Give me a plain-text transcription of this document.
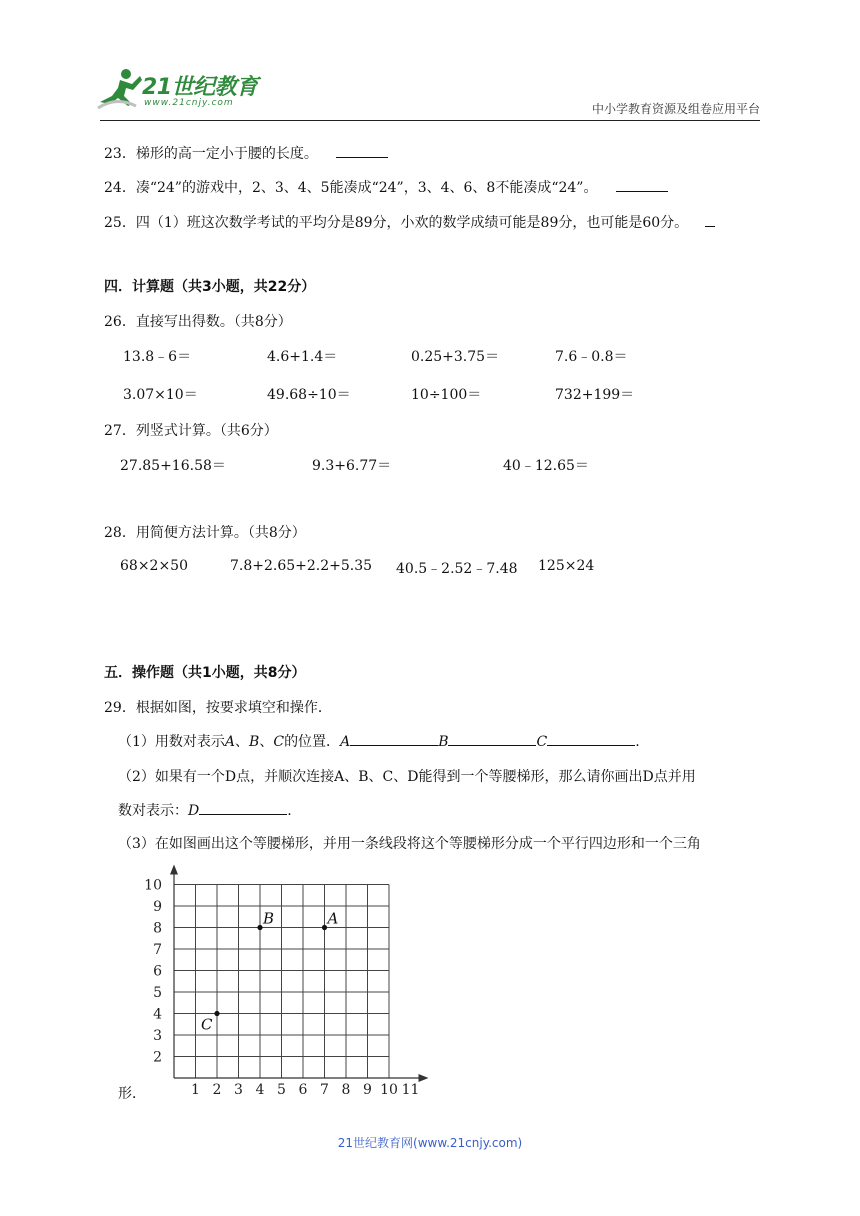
21世纪教育
www.21cnjy.com	中小学教育资源及组卷应用平台
23．梯形的高一定小于腰的长度。
24．凑“24”的游戏中，2、3、4、5能凑成“24”，3、4、6、8不能凑成“24”。
25．四（1）班这次数学考试的平均分是89分，小欢的数学成绩可能是89分，也可能是60分。
四．计算题（共3小题，共22分）
26．直接写出得数。（共8分）
13.8﹣6＝	4.6+1.4＝	0.25+3.75＝	7.6﹣0.8＝
3.07×10＝	49.68÷10＝	10÷100＝	732+199＝
27．列竖式计算。（共6分）
27.85+16.58＝	9.3+6.77＝	40﹣12.65＝
28．用简便方法计算。（共8分）
68×2×50	7.8+2.65+2.2+5.35 40.5﹣2.52﹣7.48 125×24
五．操作题（共1小题，共8分）
29．根据如图，按要求填空和操作．
（1）用数对表示A、B、C的位置．A	B	C	.
（2）如果有一个D点，并顺次连接A、B、C、D能得到一个等腰梯形，那么请你画出D点并用
数对表示：D	.
（3）在如图画出这个等腰梯形，并用一条线段将这个等腰梯形分成一个平行四边形和一个三角
1 2 3 4 5 6 7 8 9 10 11
2
3
4
5
6
7
8
9
10
B	A
C
形．
21世纪教育网(www.21cnjy.com)
